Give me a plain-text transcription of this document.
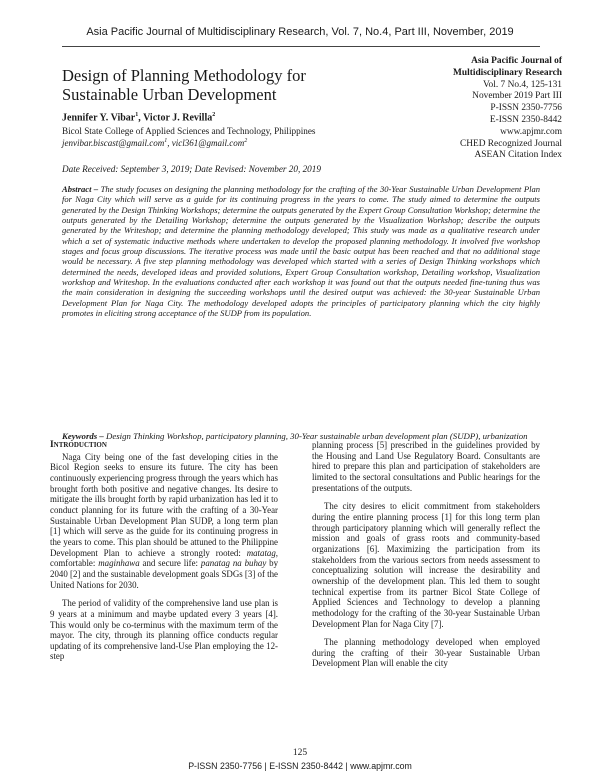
Asia Pacific Journal of Multidisciplinary Research, Vol. 7, No.4, Part III, November, 2019
Design of Planning Methodology for
Sustainable Urban Development
Jennifer Y. Vibar$^1$, Victor J. Revilla$^2$
Bicol State College of Applied Sciences and Technology, Philippines
jenvibar.biscast@gmail.com$^1$, vicl361@gmail.com$^2$
Date Received: September 3, 2019; Date Revised: November 20, 2019
Asia Pacific Journal of
Multidisciplinary Research
Vol. 7 No.4, 125-131
November 2019 Part III
P-ISSN 2350-7756
E-ISSN 2350-8442
www.apjmr.com
CHED Recognized Journal
ASEAN Citation Index
Abstract – The study focuses on designing the planning methodology for the crafting of the 30-Year Sustainable Urban Development Plan for Naga City which will serve as a guide for its continuing progress in the years to come. The study aimed to determine the outputs generated by the Design Thinking Workshops; determine the outputs generated by the Expert Group Consultation Workshop; determine the outputs generated by the Detailing Workshop; determine the outputs generated by the Visualization Workshop; describe the outputs generated by the Writeshop; and determine the planning methodology developed; This study was made as a qualitative research under which a set of systematic inductive methods where undertaken to develop the proposed planning methodology. It involved five workshop stages and focus group discussions. The iterative process was made until the basic output has been reached and that no additional stage would be necessary. A five step planning methodology was developed which started with a series of Design Thinking workshops which determined the needs, developed ideas and provided solutions, Expert Group Consultation workshop, Detailing workshop, Visualization workshop and Writeshop. In the evaluations conducted after each workshop it was found out that the outputs needed fine-tuning thus was the main consideration in designing the succeeding workshops until the desired output was achieved: the 30-year Sustainable Urban Development Plan for Naga City. The methodology developed adopts the principles of participatory planning which the city highly promotes in eliciting strong acceptance of the SUDP from its population.
Keywords – Design Thinking Workshop, participatory planning, 30-Year sustainable urban development plan (SUDP), urbanization
Introduction

Naga City being one of the fast developing cities in the Bicol Region seeks to ensure its future. The city has been continuously experiencing progress through the years which has brought forth both positive and negative changes. Its desire to mitigate the ills brought forth by rapid urbanization has led it to conduct planning for its future with the crafting of a 30-Year Sustainable Urban Development Plan SUDP, a long term plan [1] which will serve as the guide for its continuing progress in the years to come. This plan should be attuned to the Philippine Development Plan to achieve a strongly rooted: matatag, comfortable: maginhawa and secure life: panatag na buhay by 2040 [2] and the sustainable development goals SDGs [3] of the United Nations for 2030.

The period of validity of the comprehensive land use plan is 9 years at a minimum and maybe updated every 3 years [4]. This would only be co-terminus with the maximum term of the mayor. The city, through its planning office conducts regular updating of its comprehensive land-Use Plan employing the 12-step

planning process [5] prescribed in the guidelines provided by the Housing and Land Use Regulatory Board. Consultants are hired to prepare this plan and participation of stakeholders are limited to the sectoral consultations and Public hearings for the presentations of the outputs.

The city desires to elicit commitment from stakeholders during the entire planning process [1] for this long term plan through participatory planning which will generally reflect the mission and goals of grass roots and community-based organizations [6]. Maximizing the participation from its stakeholders from the various sectors from needs assessment to conceptualizing solution will increase the desirability and ownership of the development plan. This led them to sought technical expertise from its partner Bicol State College of Applied Sciences and Technology to develop a planning methodology for the crafting of the 30-year Sustainable Urban Development Plan for Naga City [7].

The planning methodology developed when employed during the crafting of their 30-year Sustainable Urban Development Plan will enable the city

125
P-ISSN 2350-7756 | E-ISSN 2350-8442 | www.apjmr.com
